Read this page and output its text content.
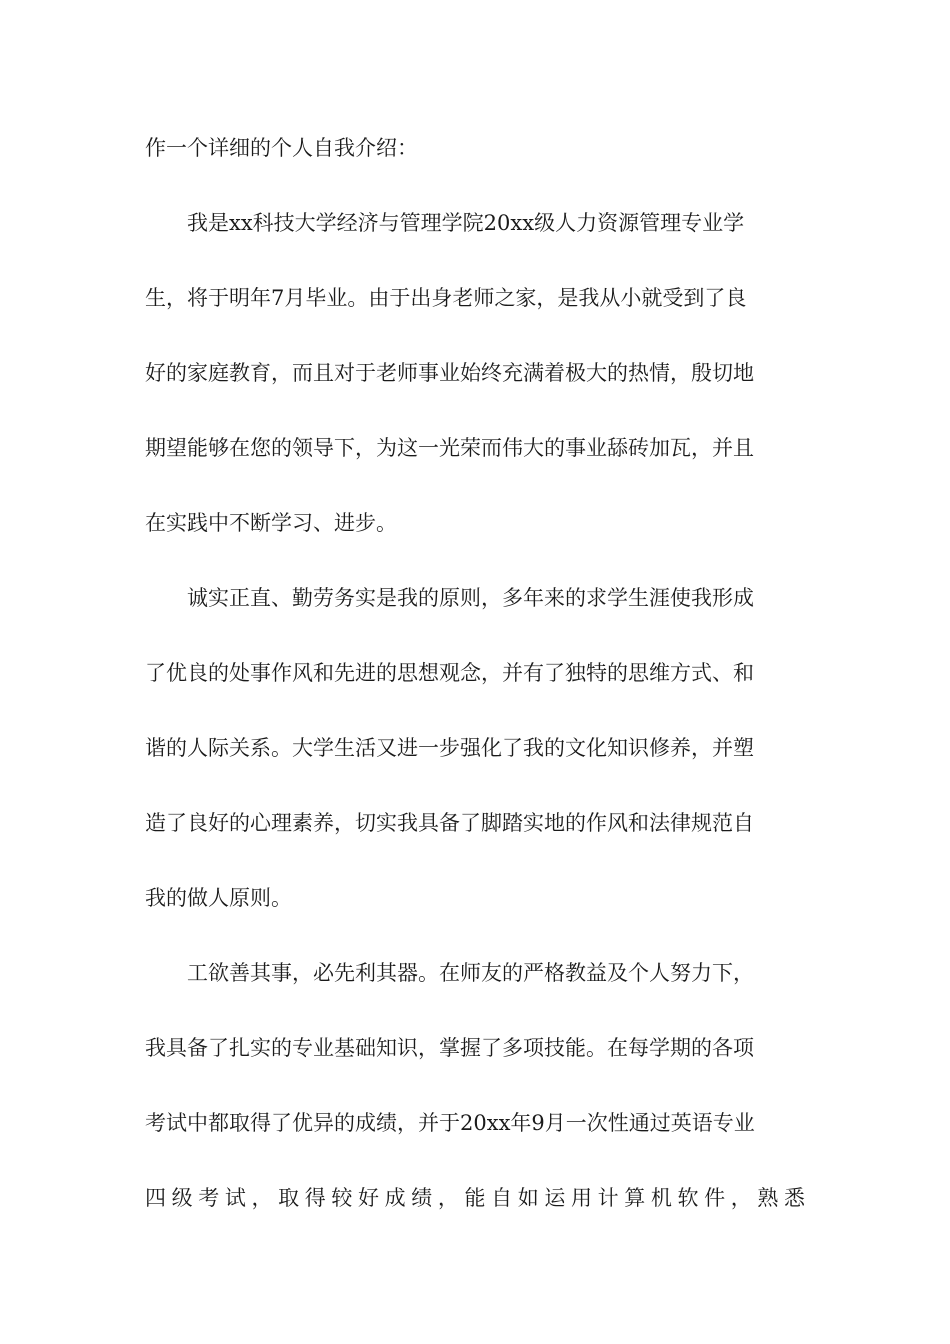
作一个详细的个人自我介绍：
　　我是xx科技大学经济与管理学院20xx级人力资源管理专业学
生，将于明年7月毕业。由于出身老师之家，是我从小就受到了良
好的家庭教育，而且对于老师事业始终充满着极大的热情，殷切地
期望能够在您的领导下，为这一光荣而伟大的事业舔砖加瓦，并且
在实践中不断学习、进步。
　　诚实正直、勤劳务实是我的原则，多年来的求学生涯使我形成
了优良的处事作风和先进的思想观念，并有了独特的思维方式、和
谐的人际关系。大学生活又进一步强化了我的文化知识修养，并塑
造了良好的心理素养，切实我具备了脚踏实地的作风和法律规范自
我的做人原则。
　　工欲善其事，必先利其器。在师友的严格教益及个人努力下，
我具备了扎实的专业基础知识，掌握了多项技能。在每学期的各项
考试中都取得了优异的成绩，并于20xx年9月一次性通过英语专业
四 级 考 试 ， 取 得 较 好 成 绩 ， 能 自 如 运 用 计 算 机 软 件 ， 熟 悉
